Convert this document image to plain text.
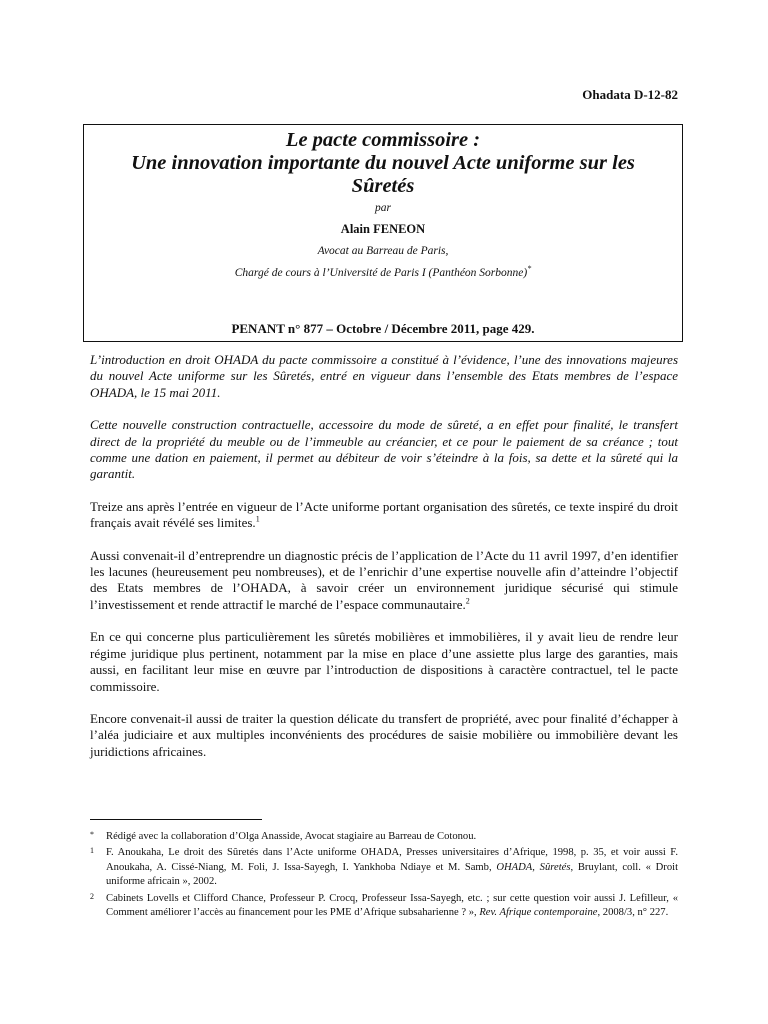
Ohadata D-12-82
Le pacte commissoire :
Une innovation importante du nouvel Acte uniforme sur les
Sûretés
par
Alain FENEON
Avocat au Barreau de Paris,
Chargé de cours à l’Université de Paris I (Panthéon Sorbonne)*
PENANT n° 877 – Octobre / Décembre 2011, page 429.

L’introduction en droit OHADA du pacte commissoire a constitué à l’évidence, l’une des innovations majeures du nouvel Acte uniforme sur les Sûretés, entré en vigueur dans l’ensemble des Etats membres de l’espace OHADA, le 15 mai 2011.

Cette nouvelle construction contractuelle, accessoire du mode de sûreté, a en effet pour finalité, le transfert direct de la propriété du meuble ou de l’immeuble au créancier, et ce pour le paiement de sa créance ; tout comme une dation en paiement, il permet au débiteur de voir s’éteindre à la fois, sa dette et la sûreté qui la garantit.

Treize ans après l’entrée en vigueur de l’Acte uniforme portant organisation des sûretés, ce texte inspiré du droit français avait révélé ses limites.$^1$

Aussi convenait-il d’entreprendre un diagnostic précis de l’application de l’Acte du 11 avril 1997, d’en identifier les lacunes (heureusement peu nombreuses), et de l’enrichir d’une expertise nouvelle afin d’atteindre l’objectif des Etats membres de l’OHADA, à savoir créer un environnement juridique sécurisé qui stimule l’investissement et rende attractif le marché de l’espace communautaire.$^2$

En ce qui concerne plus particulièrement les sûretés mobilières et immobilières, il y avait lieu de rendre leur régime juridique plus pertinent, notamment par la mise en place d’une assiette plus large des garanties, mais aussi, en facilitant leur mise en œuvre par l’introduction de dispositions à caractère contractuel, tel le pacte commissoire.

Encore convenait-il aussi de traiter la question délicate du transfert de propriété, avec pour finalité d’échapper à l’aléa judiciaire et aux multiples inconvénients des procédures de saisie mobilière ou immobilière devant les juridictions africaines.

* Rédigé avec la collaboration d’Olga Anasside, Avocat stagiaire au Barreau de Cotonou.
1 F. Anoukaha, Le droit des Sûretés dans l’Acte uniforme OHADA, Presses universitaires d’Afrique, 1998, p. 35, et voir aussi F. Anoukaha, A. Cissé-Niang, M. Foli, J. Issa-Sayegh, I. Yankhoba Ndiaye et M. Samb, OHADA, Sûretés, Bruylant, coll. « Droit uniforme africain », 2002.
2 Cabinets Lovells et Clifford Chance, Professeur P. Crocq, Professeur Issa-Sayegh, etc. ; sur cette question voir aussi J. Lefilleur, « Comment améliorer l’accès au financement pour les PME d’Afrique subsaharienne ? », Rev. Afrique contemporaine, 2008/3, n° 227.
